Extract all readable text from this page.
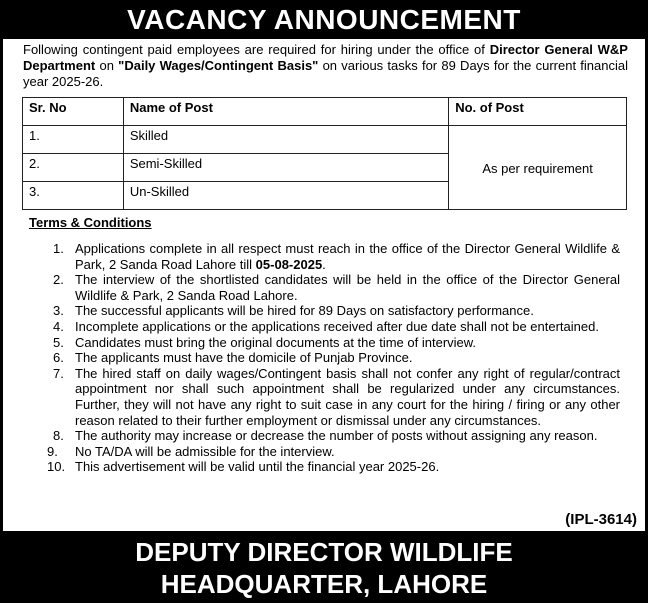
VACANCY ANNOUNCEMENT

Following contingent paid employees are required for hiring under the office of Director General W&P Department on "Daily Wages/Contingent Basis" on various tasks for 89 Days for the current financial year 2025-26.

Sr. No	Name of Post	No. of Post
1.	Skilled	As per requirement
2.	Semi-Skilled	
3.	Un-Skilled	
Terms & Conditions
1. Applications complete in all respect must reach in the office of the Director General Wildlife & Park, 2 Sanda Road Lahore till 05-08-2025.
2. The interview of the shortlisted candidates will be held in the office of the Director General Wildlife & Park, 2 Sanda Road Lahore.
3. The successful applicants will be hired for 89 Days on satisfactory performance.
4. Incomplete applications or the applications received after due date shall not be entertained.
5. Candidates must bring the original documents at the time of interview.
6. The applicants must have the domicile of Punjab Province.
7. The hired staff on daily wages/Contingent basis shall not confer any right of regular/contract appointment nor shall such appointment shall be regularized under any circumstances. Further, they will not have any right to suit case in any court for the hiring / firing or any other reason related to their further employment or dismissal under any circumstances.
8. The authority may increase or decrease the number of posts without assigning any reason.
9. No TA/DA will be admissible for the interview.
10. This advertisement will be valid until the financial year 2025-26.
(IPL-3614)
DEPUTY DIRECTOR WILDLIFE
HEADQUARTER, LAHORE
